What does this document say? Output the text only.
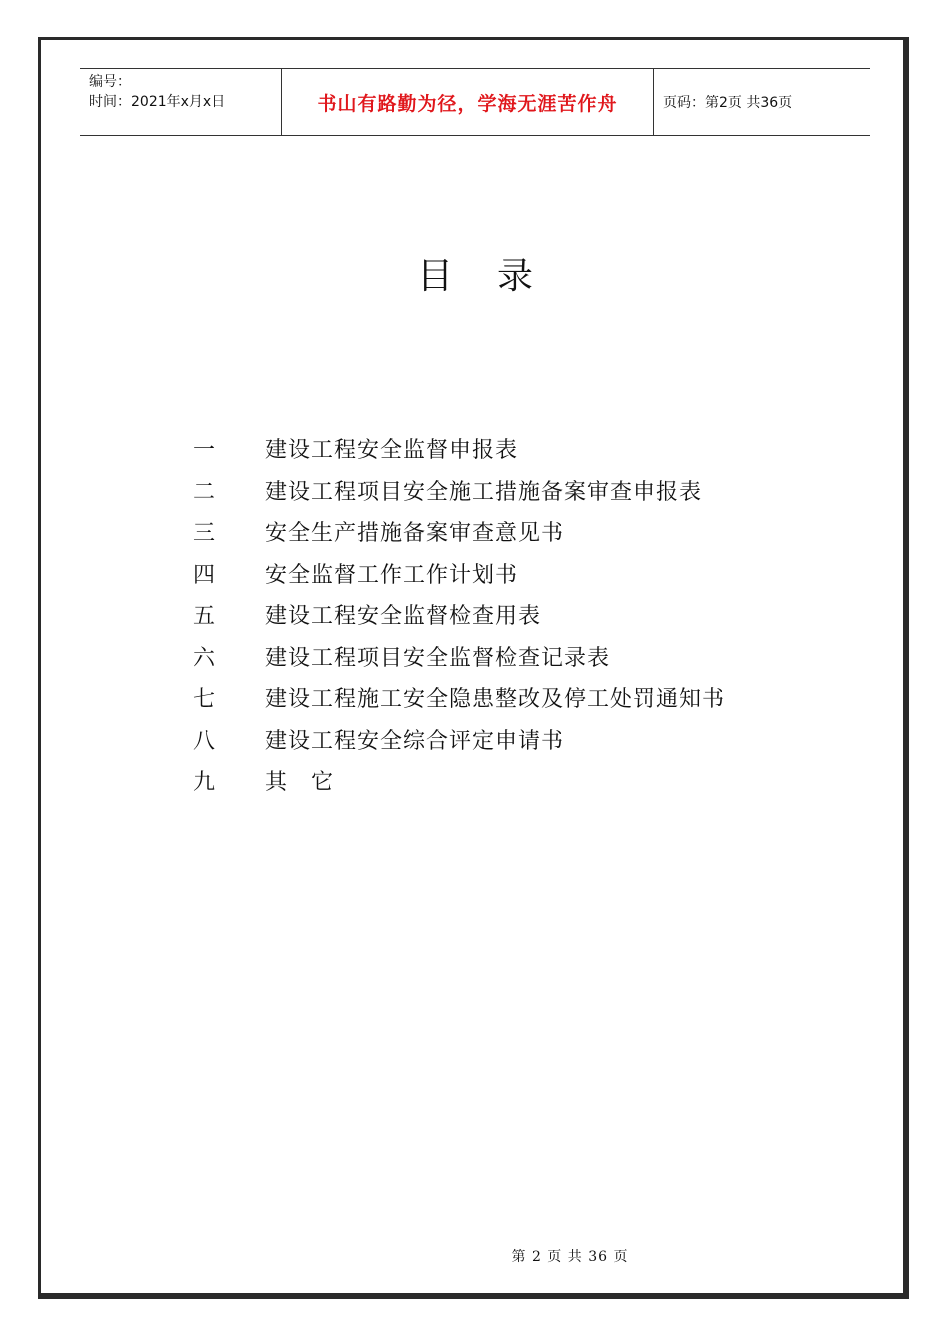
编号：
时间：2021年x月x日	书山有路勤为径，学海无涯苦作舟	页码：第2页 共36页
目录
一	建设工程安全监督申报表
二	建设工程项目安全施工措施备案审查申报表
三	安全生产措施备案审查意见书
四	安全监督工作工作计划书
五	建设工程安全监督检查用表
六	建设工程项目安全监督检查记录表
七	建设工程施工安全隐患整改及停工处罚通知书
八	建设工程安全综合评定申请书
九	其　它
第 2 页 共 36 页
